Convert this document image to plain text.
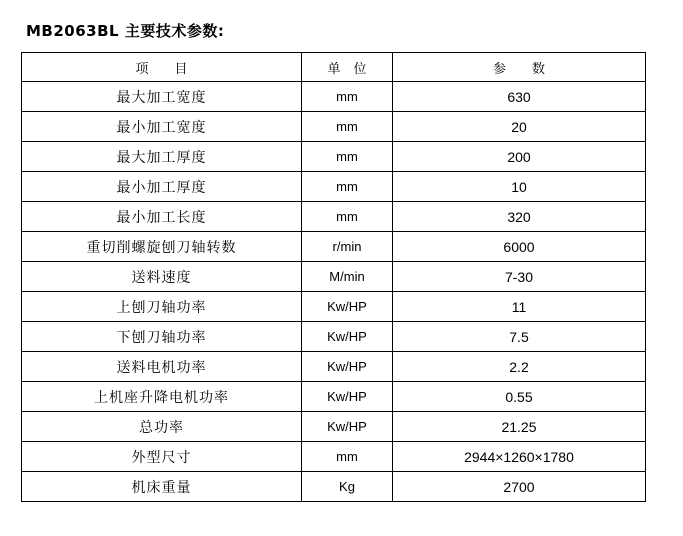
MB2063BL 主要技术参数:
项　　目	单　位	参　　数
最大加工宽度	mm	630
最小加工宽度	mm	20
最大加工厚度	mm	200
最小加工厚度	mm	10
最小加工长度	mm	320
重切削螺旋刨刀轴转数	r/min	6000
送料速度	M/min	7-30
上刨刀轴功率	Kw/HP	11
下刨刀轴功率	Kw/HP	7.5
送料电机功率	Kw/HP	2.2
上机座升降电机功率	Kw/HP	0.55
总功率	Kw/HP	21.25
外型尺寸	mm	2944×1260×1780
机床重量	Kg	2700
